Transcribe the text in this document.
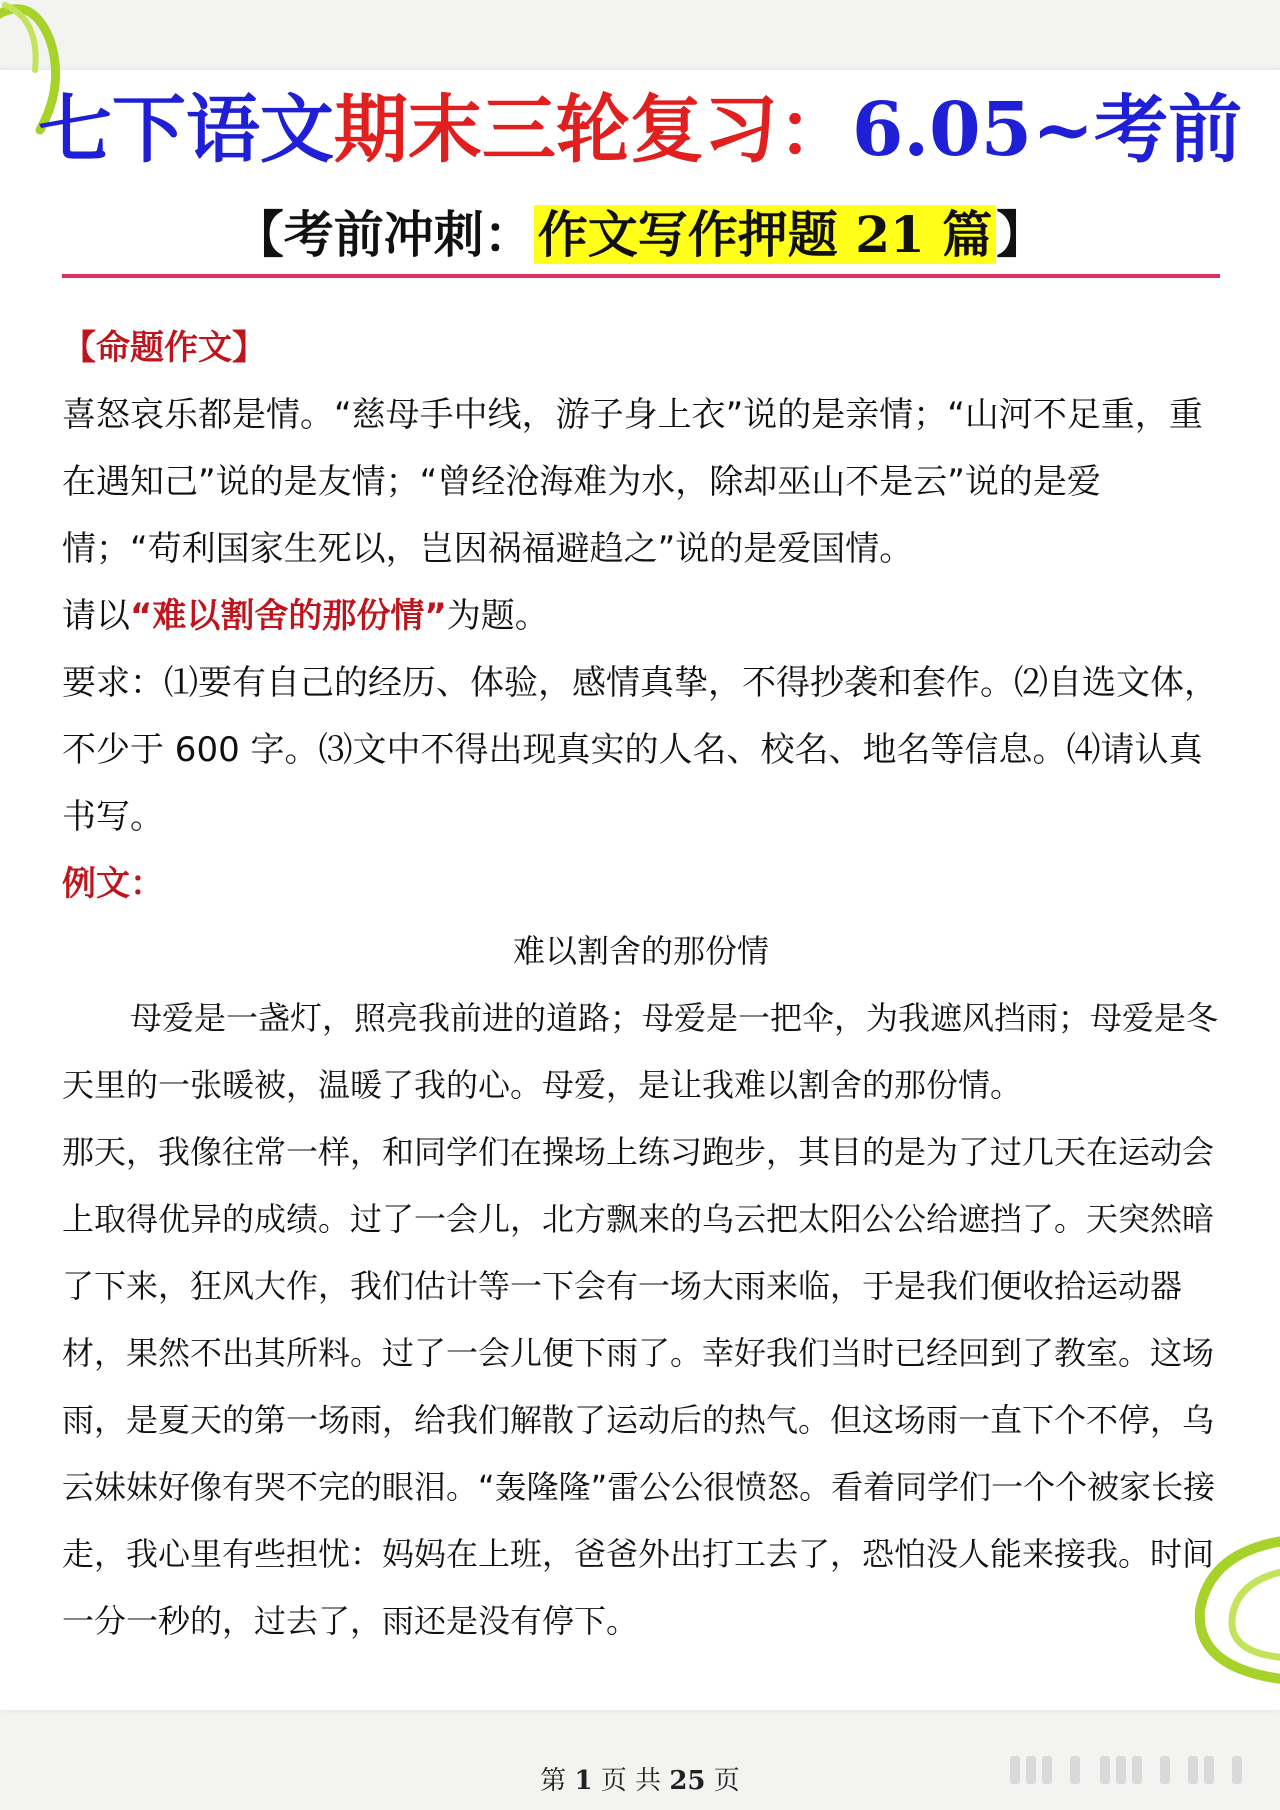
七下语文期末三轮复习：6.05~考前
【考前冲刺：作文写作押题 21 篇】

【命题作文】

喜怒哀乐都是情。“慈母手中线，游子身上衣”说的是亲情；“山河不足重，重在遇知己”说的是友情；“曾经沧海难为水，除却巫山不是云”说的是爱情；“苟利国家生死以，岂因祸福避趋之”说的是爱国情。

请以“难以割舍的那份情”为题。

要求：⑴要有自己的经历、体验，感情真挚，不得抄袭和套作。⑵自选文体，不少于 600 字。⑶文中不得出现真实的人名、校名、地名等信息。⑷请认真书写。

例文：

难以割舍的那份情

母爱是一盏灯，照亮我前进的道路；母爱是一把伞，为我遮风挡雨；母爱是冬天里的一张暖被，温暖了我的心。母爱，是让我难以割舍的那份情。

那天，我像往常一样，和同学们在操场上练习跑步，其目的是为了过几天在运动会上取得优异的成绩。过了一会儿，北方飘来的乌云把太阳公公给遮挡了。天突然暗了下来，狂风大作，我们估计等一下会有一场大雨来临，于是我们便收拾运动器材，果然不出其所料。过了一会儿便下雨了。幸好我们当时已经回到了教室。这场雨，是夏天的第一场雨，给我们解散了运动后的热气。但这场雨一直下个不停，乌云妹妹好像有哭不完的眼泪。“轰隆隆”雷公公很愤怒。看着同学们一个个被家长接走，我心里有些担忧：妈妈在上班，爸爸外出打工去了，恐怕没人能来接我。时间一分一秒的，过去了，雨还是没有停下。

第 1 页 共 25 页
